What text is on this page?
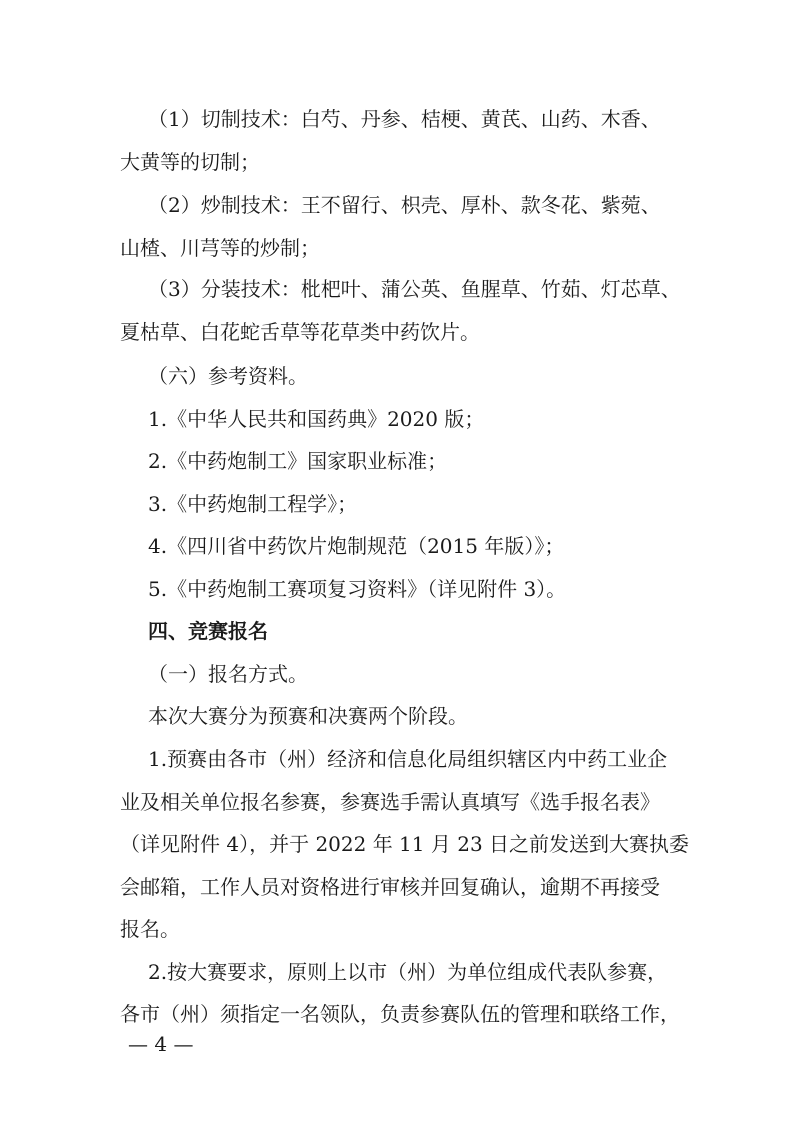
（1）切制技术：白芍、丹参、桔梗、黄芪、山药、木香、
大黄等的切制；
（2）炒制技术：王不留行、枳壳、厚朴、款冬花、紫菀、
山楂、川芎等的炒制；
（3）分装技术：枇杷叶、蒲公英、鱼腥草、竹茹、灯芯草、
夏枯草、白花蛇舌草等花草类中药饮片。
（六）参考资料。
1.《中华人民共和国药典》2020 版；
2.《中药炮制工》国家职业标准；
3.《中药炮制工程学》；
4.《四川省中药饮片炮制规范（2015 年版）》；
5.《中药炮制工赛项复习资料》（详见附件 3）。
四、竞赛报名
（一）报名方式。
本次大赛分为预赛和决赛两个阶段。
1.预赛由各市（州）经济和信息化局组织辖区内中药工业企
业及相关单位报名参赛，参赛选手需认真填写《选手报名表》
（详见附件 4），并于 2022 年 11 月 23 日之前发送到大赛执委
会邮箱，工作人员对资格进行审核并回复确认，逾期不再接受
报名。
2.按大赛要求，原则上以市（州）为单位组成代表队参赛，
各市（州）须指定一名领队，负责参赛队伍的管理和联络工作，
— 4 —
